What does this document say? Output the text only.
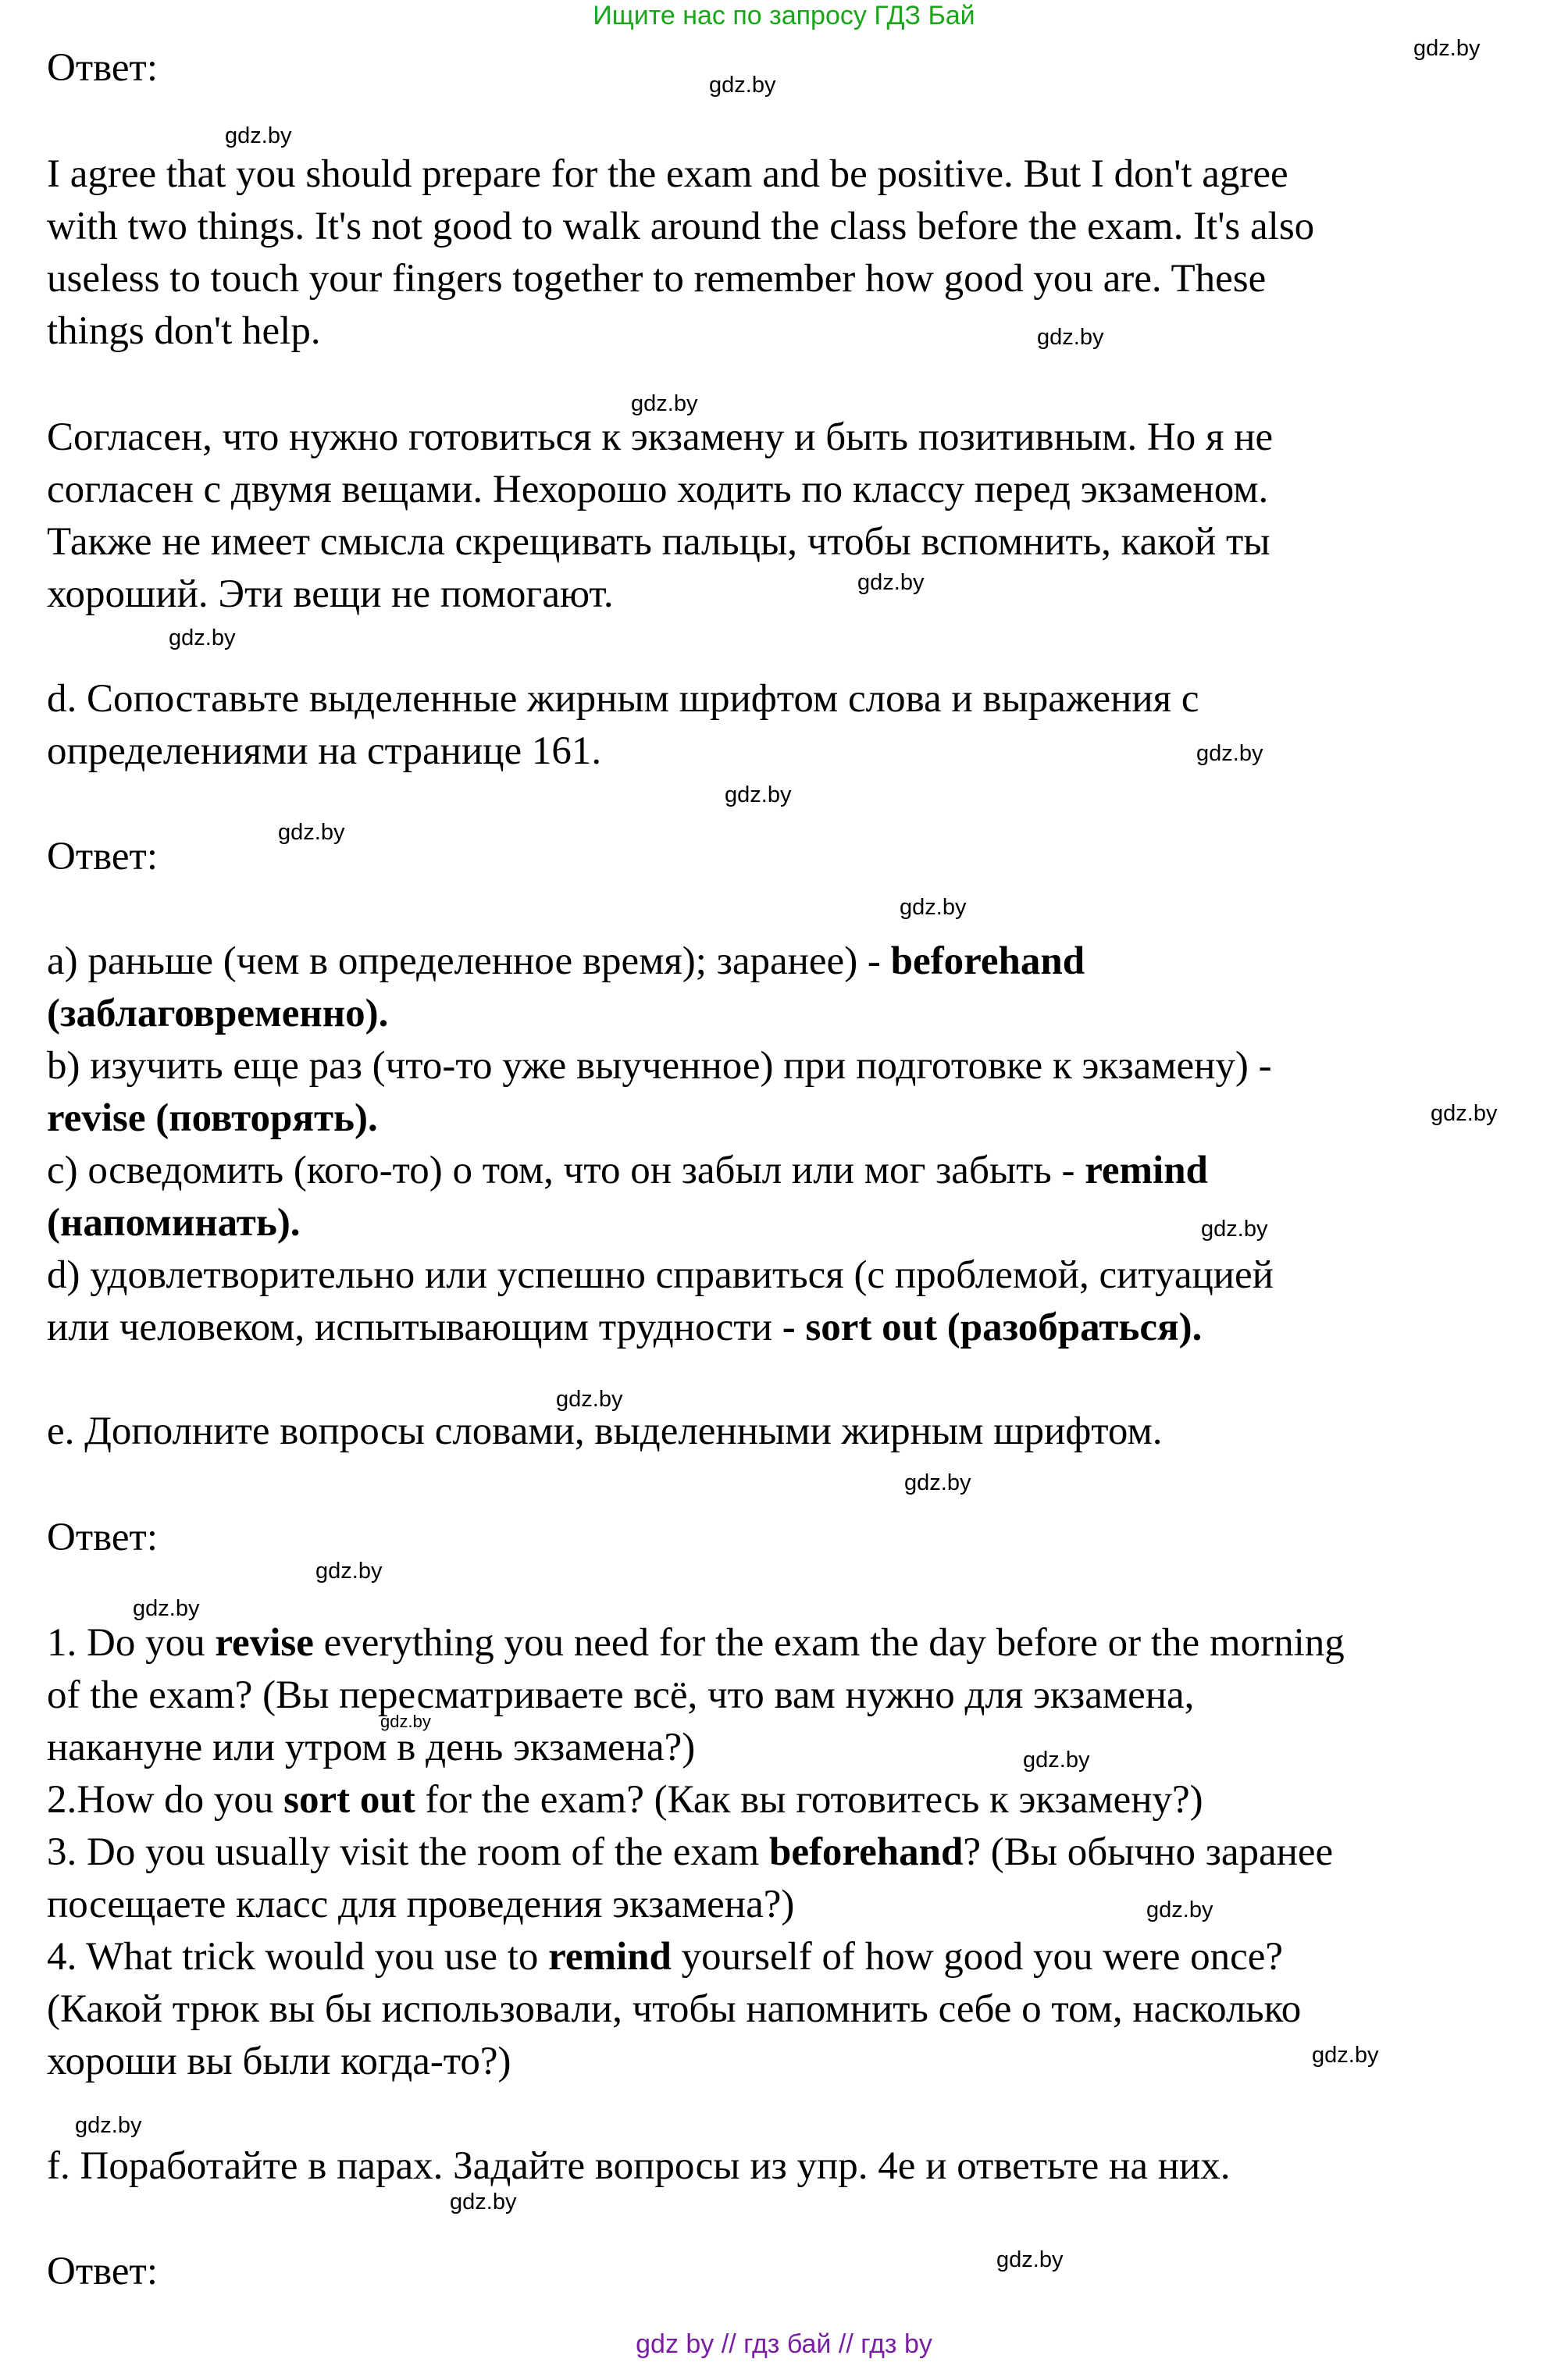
Ищите нас по запросу ГДЗ Бай
gdz.by
gdz.by
gdz.by
gdz.by
gdz.by
gdz.by
gdz.by
gdz.by
gdz.by
gdz.by
gdz.by
gdz.by
gdz.by
gdz.by
gdz.by
gdz.by
gdz.by
gdz.by
gdz.by
gdz.by
gdz.by
gdz.by
gdz.by
gdz.by
Ответ:
I agree that you should prepare for the exam and be positive. But I don't agree
with two things. It's not good to walk around the class before the exam. It's also
useless to touch your fingers together to remember how good you are. These
things don't help.
Согласен, что нужно готовиться к экзамену и быть позитивным. Но я не
согласен с двумя вещами. Нехорошо ходить по классу перед экзаменом.
Также не имеет смысла скрещивать пальцы, чтобы вспомнить, какой ты
хороший. Эти вещи не помогают.
d. Сопоставьте выделенные жирным шрифтом слова и выражения с
определениями на странице 161.
Ответ:
a) раньше (чем в определенное время); заранее) - beforehand
(заблаговременно).
b) изучить еще раз (что-то уже выученное) при подготовке к экзамену) -
revise (повторять).
c) осведомить (кого-то) о том, что он забыл или мог забыть - remind
(напоминать).
d) удовлетворительно или успешно справиться (с проблемой, ситуацией
или человеком, испытывающим трудности - sort out (разобраться).
e. Дополните вопросы словами, выделенными жирным шрифтом.
Ответ:
1. Do you revise everything you need for the exam the day before or the morning
of the exam? (Вы пересматриваете всё, что вам нужно для экзамена,
накануне или утром в день экзамена?)
2.How do you sort out for the exam? (Как вы готовитесь к экзамену?)
3. Do you usually visit the room of the exam beforehand? (Вы обычно заранее
посещаете класс для проведения экзамена?)
4. What trick would you use to remind yourself of how good you were once?
(Какой трюк вы бы использовали, чтобы напомнить себе о том, насколько
хороши вы были когда-то?)
f. Поработайте в парах. Задайте вопросы из упр. 4e и ответьте на них.
Ответ:
gdz by // гдз бай // гдз by
